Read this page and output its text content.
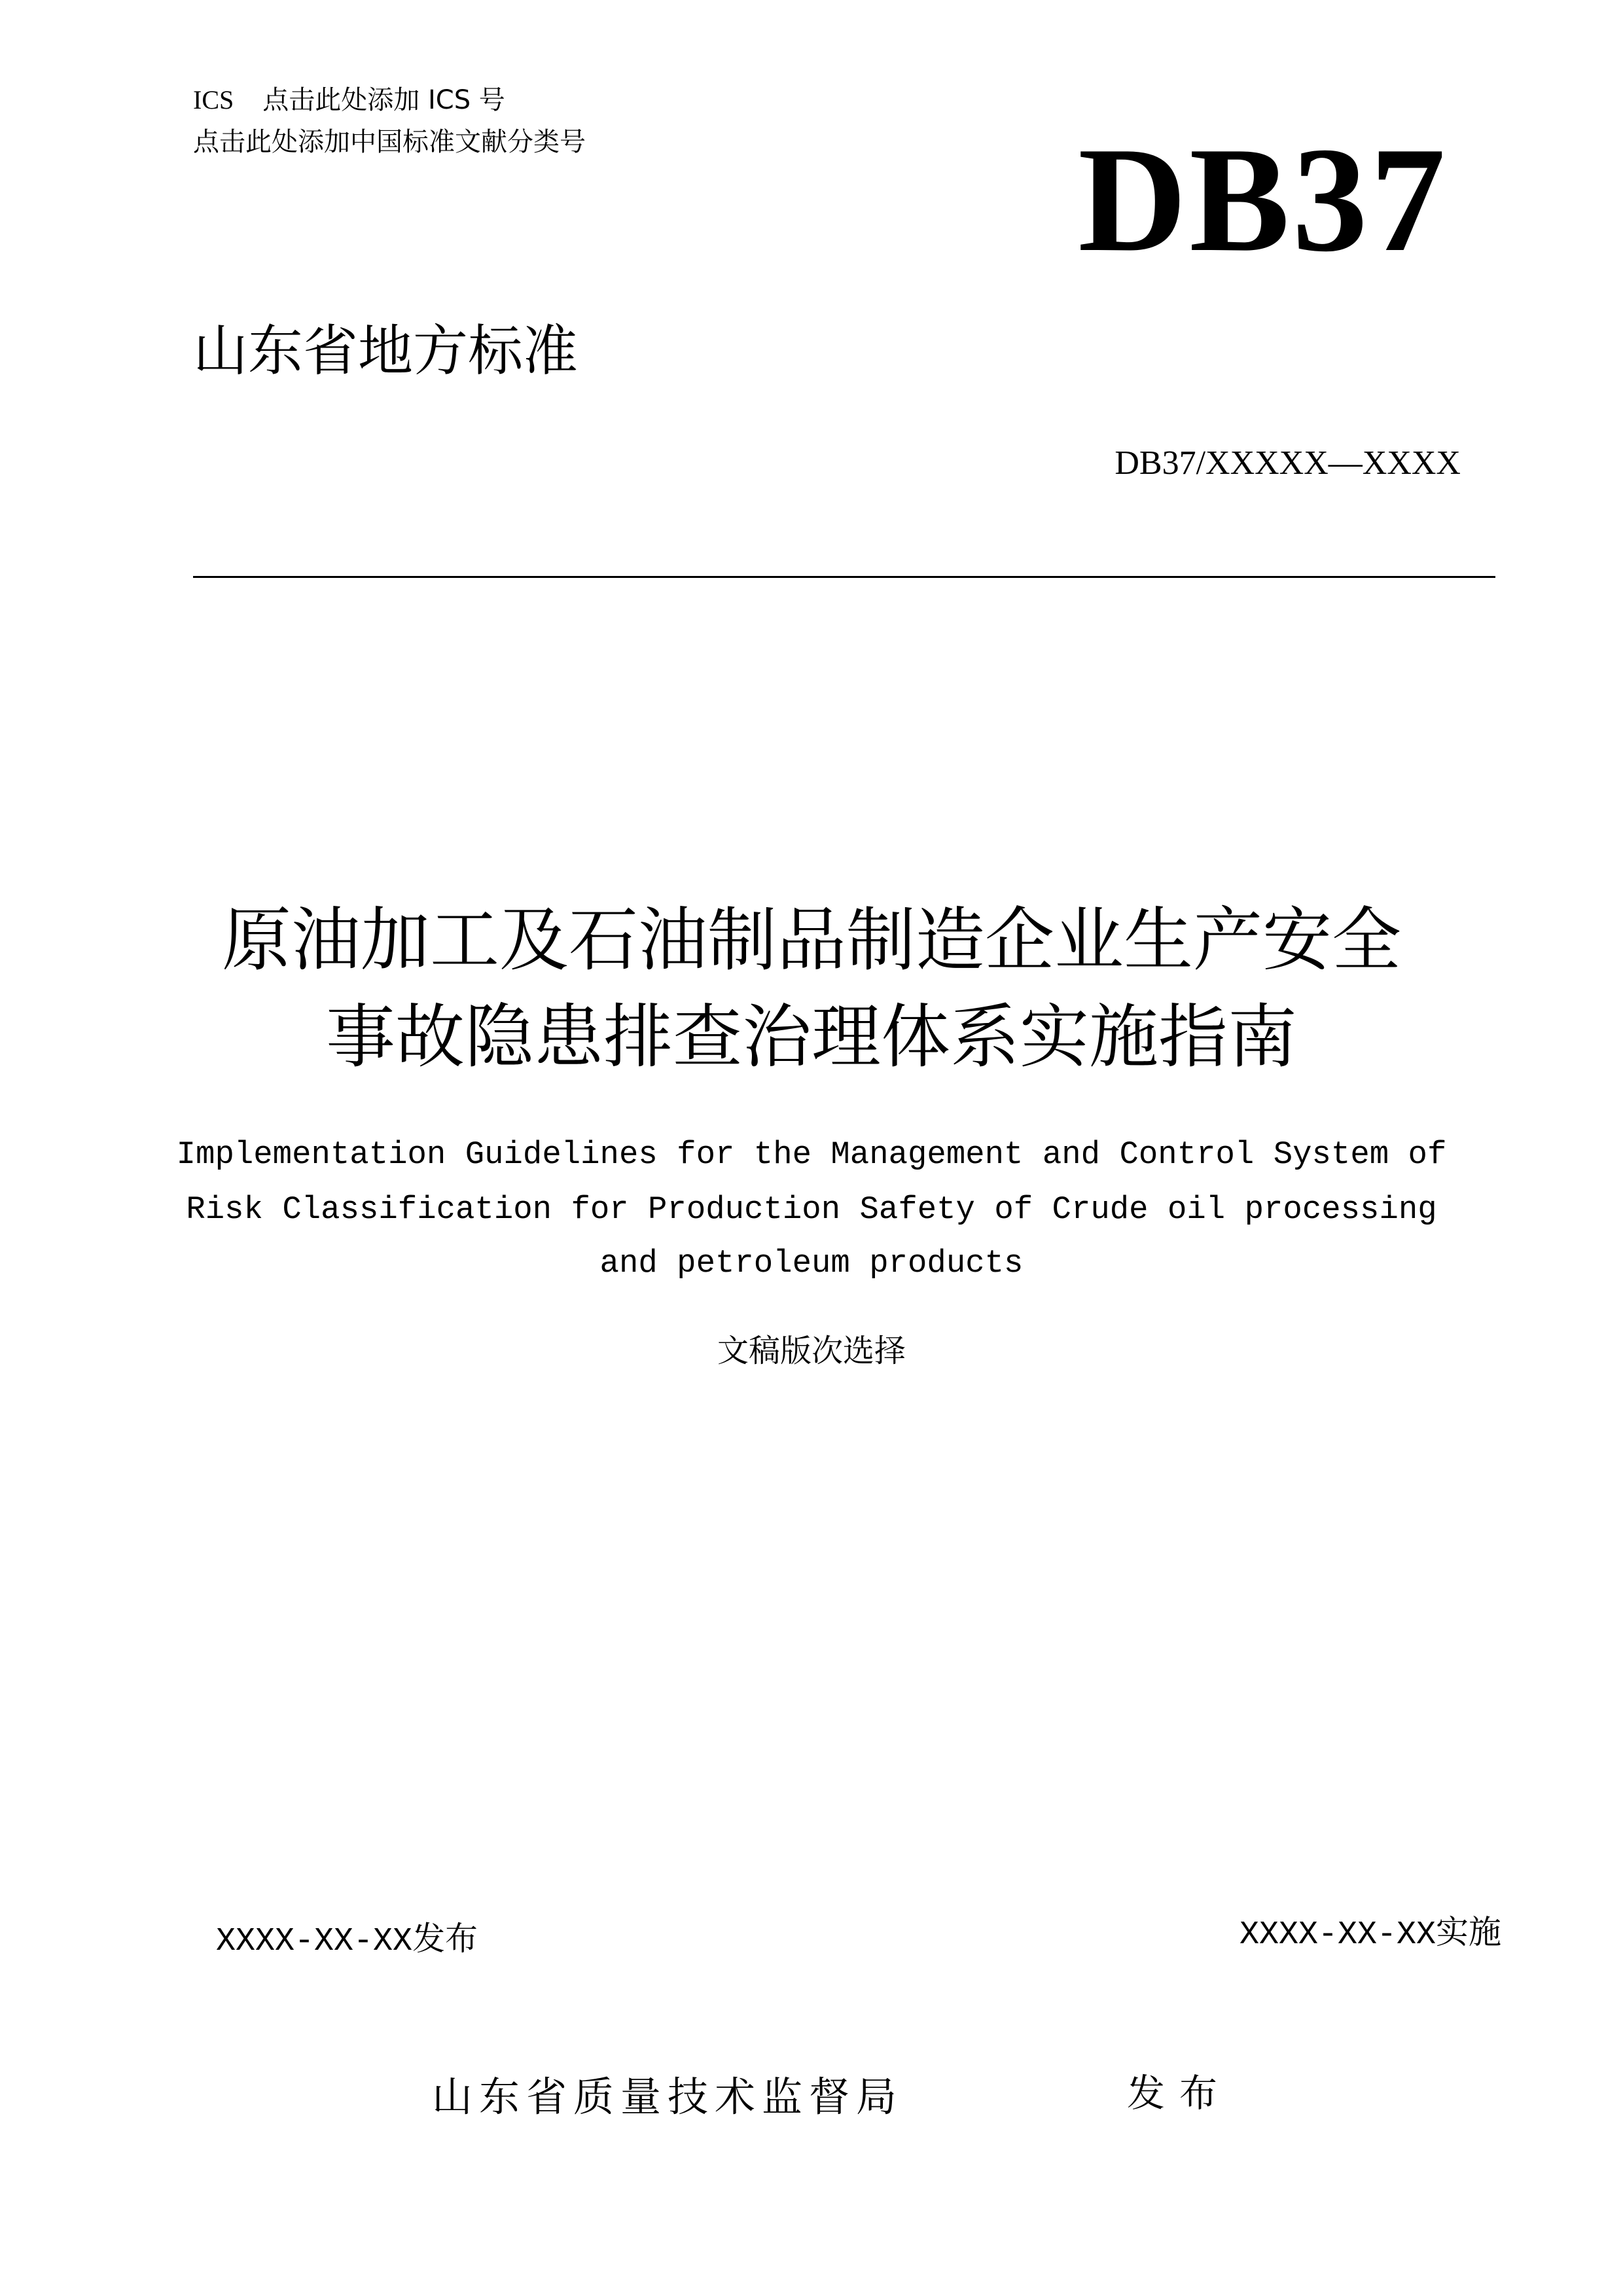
ICS 点击此处添加 ICS 号
点击此处添加中国标准文献分类号	DB37
山东省地方标准
DB37/XXXXX—XXXX
原油加工及石油制品制造企业生产安全
事故隐患排查治理体系实施指南
Implementation Guidelines for the Management and Control System of
Risk Classification for Production Safety of Crude oil processing
and petroleum products
文稿版次选择
XXXX-XX-XX发布	XXXX-XX-XX实施
山东省质量技术监督局	发布
